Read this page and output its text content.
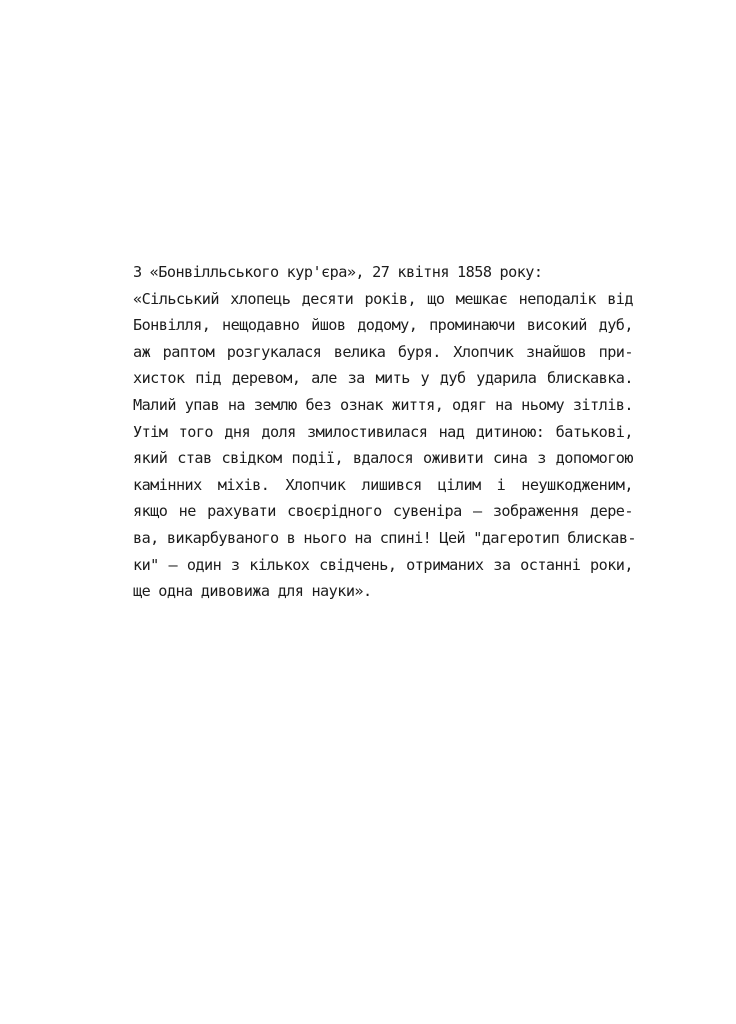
З «Бонвілльського кур'єра», 27 квітня 1858 року:
«Сільський хлопець десяти років, що мешкає неподалік від
Бонвілля, нещодавно йшов додому, проминаючи високий дуб,
аж раптом розгукалася велика буря. Хлопчик знайшов при-
хисток під деревом, але за мить у дуб ударила блискавка.
Малий упав на землю без ознак життя, одяг на ньому зітлів.
Утім того дня доля змилостивилася над дитиною: батькові,
який став свідком події, вдалося оживити сина з допомогою
камінних міхів. Хлопчик лишився цілим і неушкодженим,
якщо не рахувати своєрідного сувеніра — зображення дере-
ва, викарбуваного в нього на спині! Цей "дагеротип блискав-
ки" — один з кількох свідчень, отриманих за останні роки,
ще одна дивовижа для науки».
